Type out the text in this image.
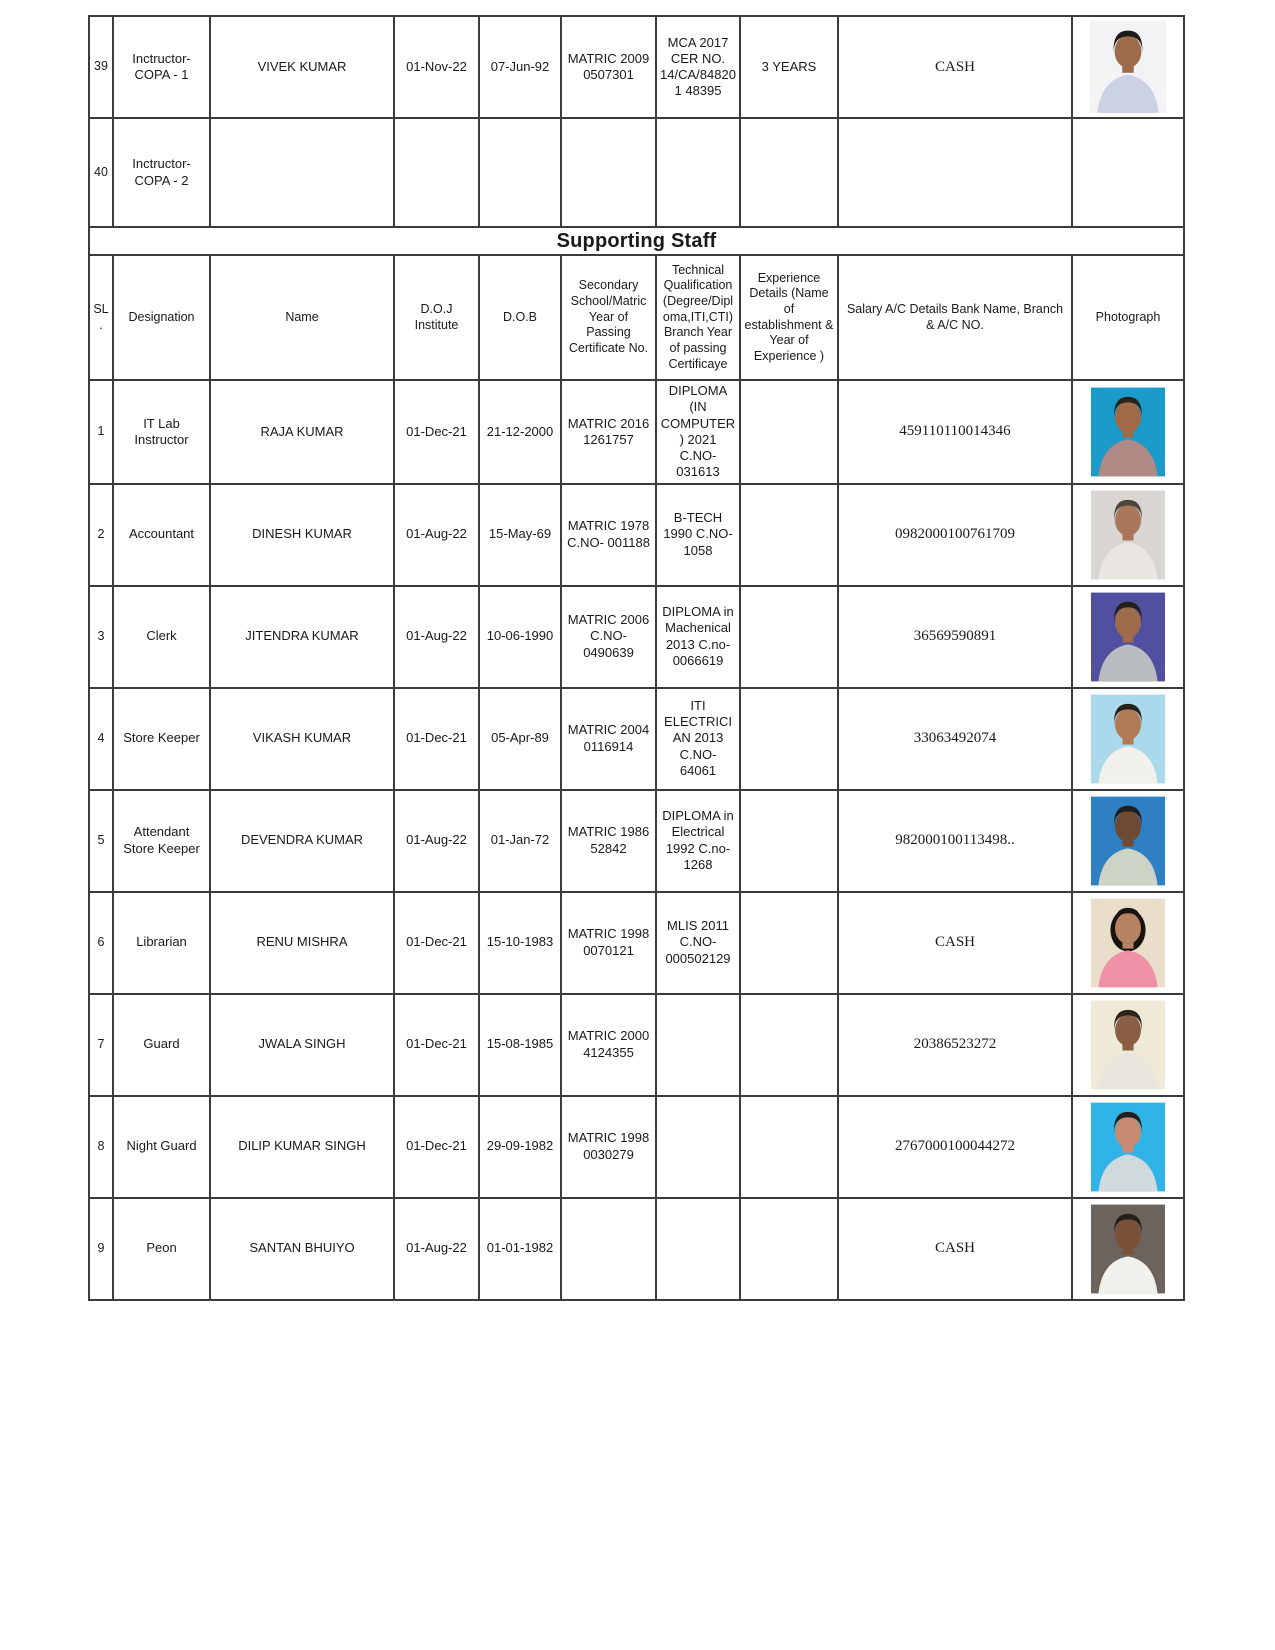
39	Inctructor- COPA - 1	VIVEK KUMAR	01-Nov-22	07-Jun-92	MATRIC 2009 0507301	MCA 2017 CER NO. 14/CA/848201 48395	3 YEARS	CASH	

40	Inctructor- COPA - 2								
Supporting Staff									
SL.	Designation	Name	D.O.J Institute	D.O.B	Secondary School/Matric Year of Passing Certificate No.	Technical Qualification (Degree/Diploma,ITI,CTI) Branch Year of passing Certificaye	Experience Details (Name of establishment & Year of Experience )	Salary A/C Details Bank Name, Branch & A/C NO.	Photograph
1	IT Lab Instructor	RAJA KUMAR	01-Dec-21	21-12-2000	MATRIC 2016 1261757	DIPLOMA (IN COMPUTER) 2021 C.NO-031613		459110110014346	

2	Accountant	DINESH KUMAR	01-Aug-22	15-May-69	MATRIC 1978 C.NO- 001188	B-TECH 1990 C.NO- 1058		0982000100761709	

3	Clerk	JITENDRA KUMAR	01-Aug-22	10-06-1990	MATRIC 2006 C.NO- 0490639	DIPLOMA in Machenical 2013 C.no- 0066619		36569590891	

4	Store Keeper	VIKASH KUMAR	01-Dec-21	05-Apr-89	MATRIC 2004 0116914	ITI ELECTRICIAN 2013 C.NO- 64061		33063492074	

5	Attendant Store Keeper	DEVENDRA KUMAR	01-Aug-22	01-Jan-72	MATRIC 1986 52842	DIPLOMA in Electrical 1992 C.no-1268		982000100113498..	

6	Librarian	RENU MISHRA	01-Dec-21	15-10-1983	MATRIC 1998 0070121	MLIS 2011 C.NO- 000502129		CASH	

7	Guard	JWALA SINGH	01-Dec-21	15-08-1985	MATRIC 2000 4124355			20386523272	

8	Night Guard	DILIP KUMAR SINGH	01-Dec-21	29-09-1982	MATRIC 1998 0030279			2767000100044272	

9	Peon	SANTAN BHUIYO	01-Aug-22	01-01-1982				CASH	
